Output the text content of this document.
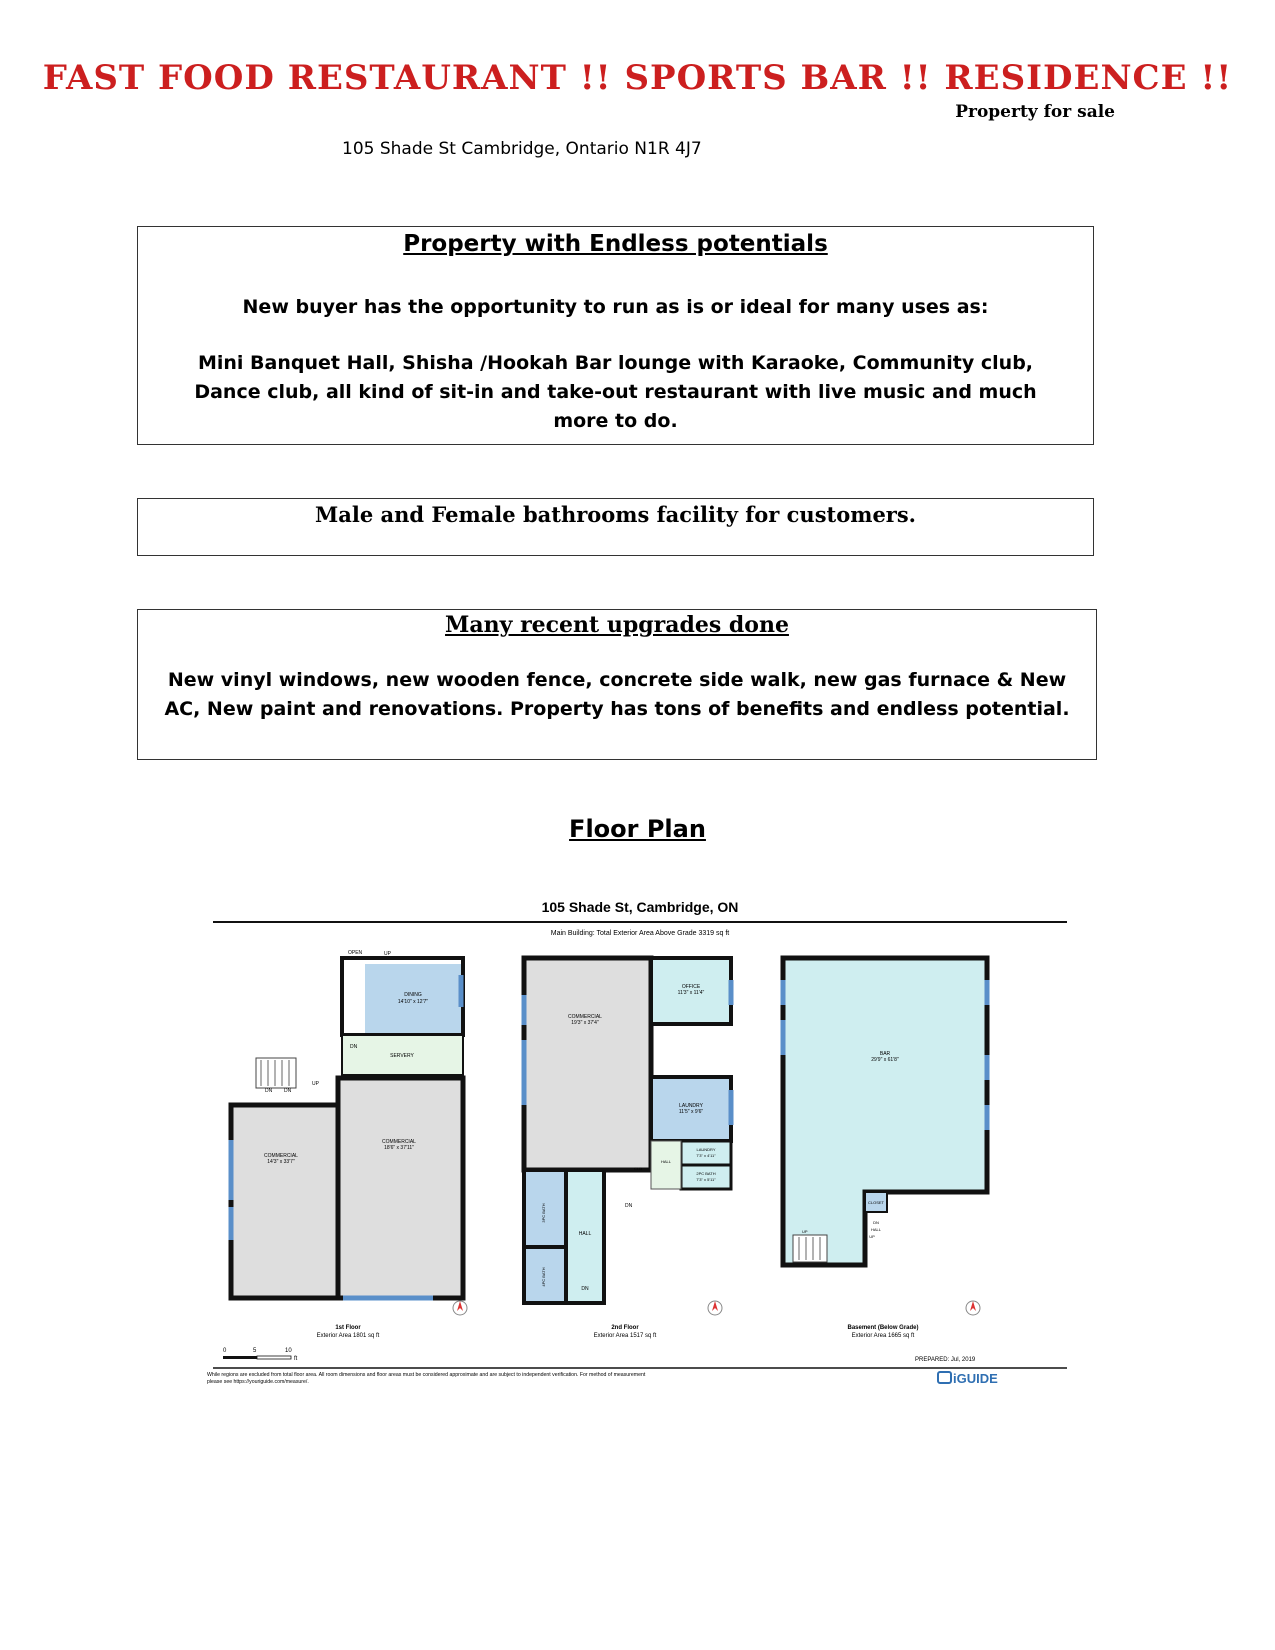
FAST FOOD RESTAURANT !! SPORTS BAR !! RESIDENCE !!
Property for sale
105 Shade St Cambridge, Ontario N1R 4J7
Property with Endless potentials

New buyer has the opportunity to run as is or ideal for many uses as:

Mini Banquet Hall, Shisha /Hookah Bar lounge with Karaoke, Community club, Dance club, all kind of sit-in and take-out restaurant with live music and much more to do.

Male and Female bathrooms facility for customers.
Many recent upgrades done

New vinyl windows, new wooden fence, concrete side walk, new gas furnace & New AC, New paint and renovations. Property has tons of benefits and endless potential.

Floor Plan
105 Shade St, Cambridge, ON
Main Building: Total Exterior Area Above Grade 3319 sq ft
UP
OPEN
DINING
14'10" x 12'7"
SERVERY
DN
UP
DN DN
COMMERCIAL
14'3" x 33'7"
COMMERCIAL
18'6" x 37'11"
COMMERCIAL
19'3" x 37'4"
OFFICE
11'3" x 11'4"
LAUNDRY
11'5" x 9'6"
LAUNDRY
7'3" x 4'11"
2PC BATH
7'3" x 5'11"
HALL
CLD
HALL
DN
DN
3PC BATH
4PC BATH
BAR
29'9" x 61'8"
CLOSET
DN
HALL
UP
UP
1st Floor
Exterior Area 1801 sq ft
2nd Floor
Exterior Area 1517 sq ft
Basement (Below Grade)
Exterior Area 1665 sq ft
0	5	10
ft	PREPARED: Jul, 2019
While regions are excluded from total floor area. All room dimensions and floor areas must be considered approximate and are subject to independent verification. For method of measurement
please see https://youriguide.com/measure/.	iGUIDE
